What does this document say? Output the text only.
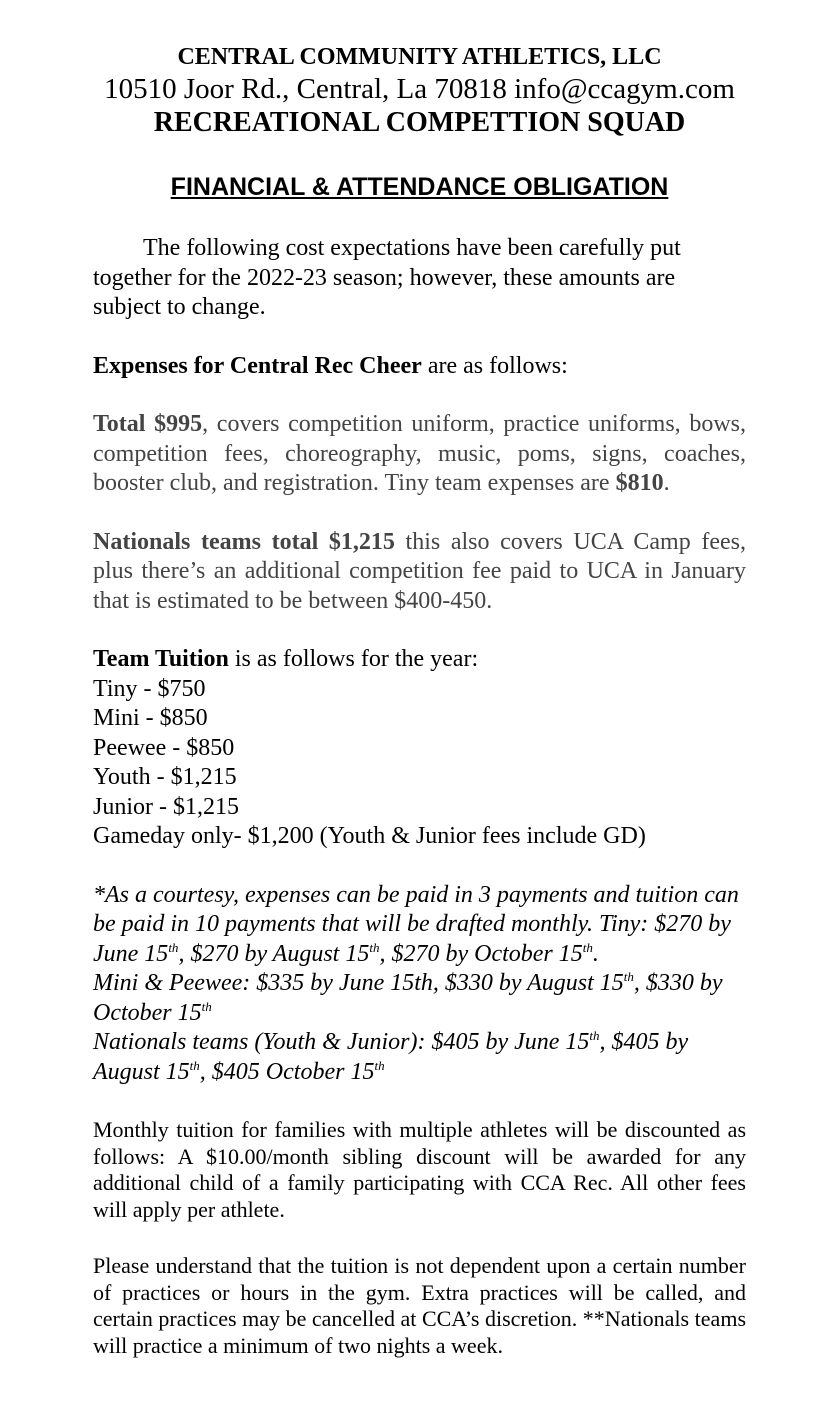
CENTRAL COMMUNITY ATHLETICS, LLC
10510 Joor Rd., Central, La 70818 info@ccagym.com
RECREATIONAL COMPETTION SQUAD
FINANCIAL & ATTENDANCE OBLIGATION

The following cost expectations have been carefully put together for the 2022-23 season; however, these amounts are subject to change.

Expenses for Central Rec Cheer are as follows:

Total $995, covers competition uniform, practice uniforms, bows, competition fees, choreography, music, poms, signs, coaches, booster club, and registration. Tiny team expenses are $810.

Nationals teams total $1,215 this also covers UCA Camp fees, plus there’s an additional competition fee paid to UCA in January that is estimated to be between $400-450.

Team Tuition is as follows for the year:

Tiny - $750
Mini - $850
Peewee - $850
Youth - $1,215
Junior - $1,215
Gameday only- $1,200 (Youth & Junior fees include GD)

*As a courtesy, expenses can be paid in 3 payments and tuition can be paid in 10 payments that will be drafted monthly. Tiny: $270 by June 15th, $270 by August 15th, $270 by October 15th.

Mini & Peewee: $335 by June 15th, $330 by August 15th, $330 by October 15th

Nationals teams (Youth & Junior): $405 by June 15th, $405 by August 15th, $405 October 15th

Monthly tuition for families with multiple athletes will be discounted as follows: A $10.00/month sibling discount will be awarded for any additional child of a family participating with CCA Rec. All other fees will apply per athlete.

Please understand that the tuition is not dependent upon a certain number of practices or hours in the gym. Extra practices will be called, and certain practices may be cancelled at CCA’s discretion. **Nationals teams will practice a minimum of two nights a week.
